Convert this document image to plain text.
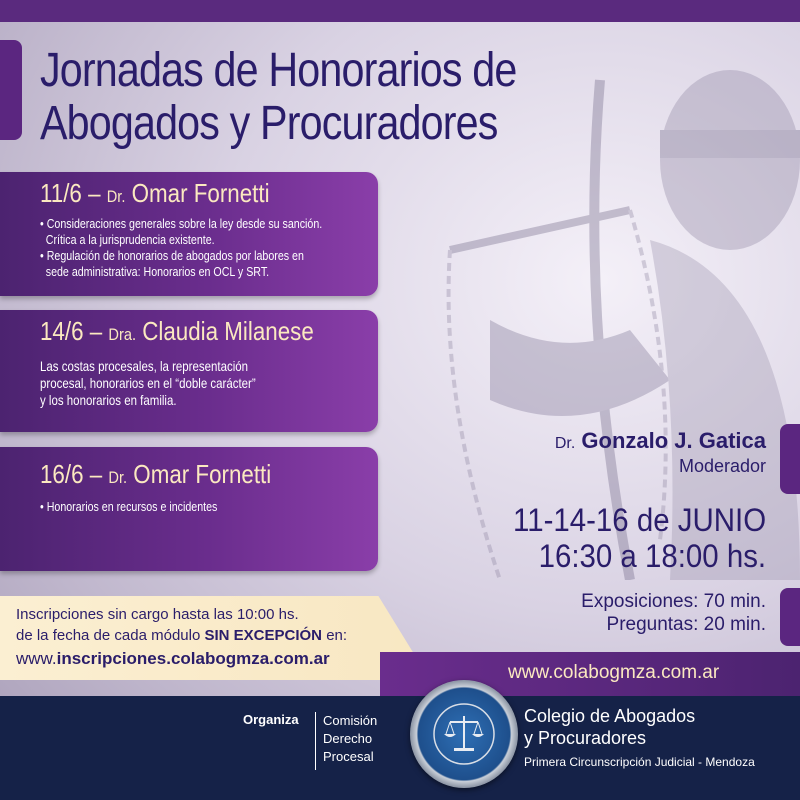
Jornadas de Honorarios de
Abogados y Procuradores
11/6 – Dr. Omar Fornetti

• Consideraciones generales sobre la ley desde su sanción.

Crítica a la jurisprudencia existente.

• Regulación de honorarios de abogados por labores en

sede administrativa: Honorarios en OCL y SRT.

14/6 – Dra. Claudia Milanese

Las costas procesales, la representación

procesal, honorarios en el “doble carácter”

y los honorarios en familia.

16/6 – Dr. Omar Fornetti

• Honorarios en recursos e incidentes

Dr. Gonzalo J. Gatica
Moderador
11-14-16 de JUNIO
16:30 a 18:00 hs.
Exposiciones: 70 min.
Preguntas: 20 min.
Inscripciones sin cargo hasta las 10:00 hs.
de la fecha de cada módulo SIN EXCEPCIÓN en:
www.inscripciones.colabogmza.com.ar
www.colabogmza.com.ar
Organiza Comisión
Derecho
Procesal
Colegio de Abogados
y Procuradores
Primera Circunscripción Judicial - Mendoza
